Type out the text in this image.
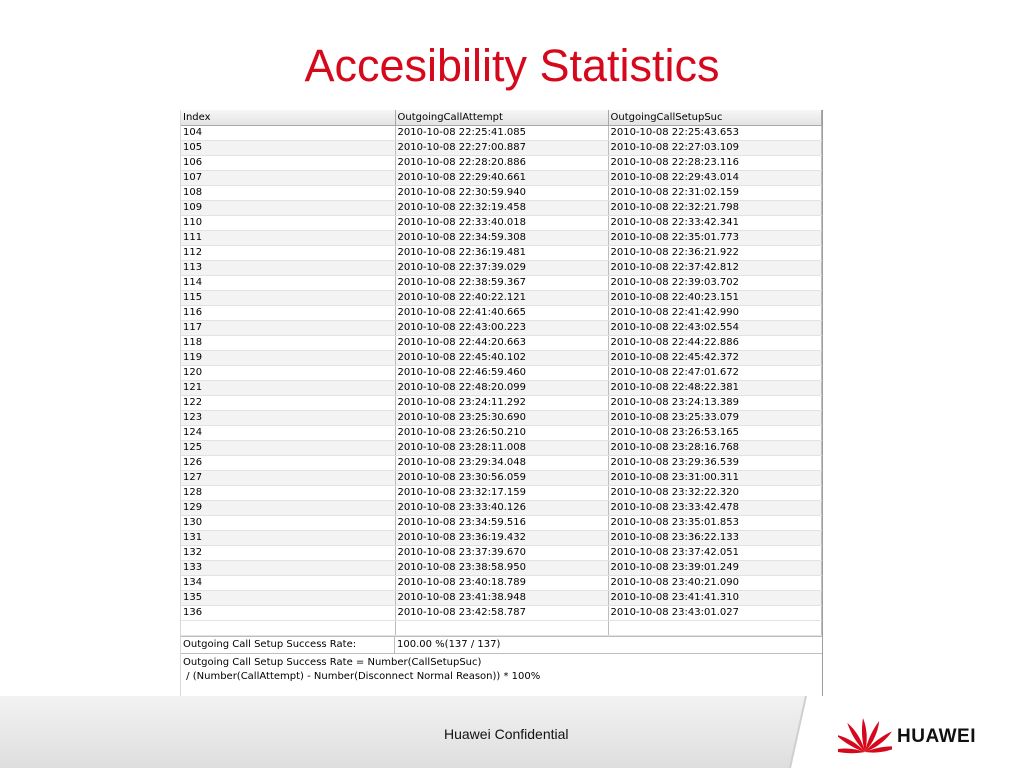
Accesibility Statistics
Index	OutgoingCallAttempt	OutgoingCallSetupSuc
104	2010-10-08 22:25:41.085	2010-10-08 22:25:43.653
105	2010-10-08 22:27:00.887	2010-10-08 22:27:03.109
106	2010-10-08 22:28:20.886	2010-10-08 22:28:23.116
107	2010-10-08 22:29:40.661	2010-10-08 22:29:43.014
108	2010-10-08 22:30:59.940	2010-10-08 22:31:02.159
109	2010-10-08 22:32:19.458	2010-10-08 22:32:21.798
110	2010-10-08 22:33:40.018	2010-10-08 22:33:42.341
111	2010-10-08 22:34:59.308	2010-10-08 22:35:01.773
112	2010-10-08 22:36:19.481	2010-10-08 22:36:21.922
113	2010-10-08 22:37:39.029	2010-10-08 22:37:42.812
114	2010-10-08 22:38:59.367	2010-10-08 22:39:03.702
115	2010-10-08 22:40:22.121	2010-10-08 22:40:23.151
116	2010-10-08 22:41:40.665	2010-10-08 22:41:42.990
117	2010-10-08 22:43:00.223	2010-10-08 22:43:02.554
118	2010-10-08 22:44:20.663	2010-10-08 22:44:22.886
119	2010-10-08 22:45:40.102	2010-10-08 22:45:42.372
120	2010-10-08 22:46:59.460	2010-10-08 22:47:01.672
121	2010-10-08 22:48:20.099	2010-10-08 22:48:22.381
122	2010-10-08 23:24:11.292	2010-10-08 23:24:13.389
123	2010-10-08 23:25:30.690	2010-10-08 23:25:33.079
124	2010-10-08 23:26:50.210	2010-10-08 23:26:53.165
125	2010-10-08 23:28:11.008	2010-10-08 23:28:16.768
126	2010-10-08 23:29:34.048	2010-10-08 23:29:36.539
127	2010-10-08 23:30:56.059	2010-10-08 23:31:00.311
128	2010-10-08 23:32:17.159	2010-10-08 23:32:22.320
129	2010-10-08 23:33:40.126	2010-10-08 23:33:42.478
130	2010-10-08 23:34:59.516	2010-10-08 23:35:01.853
131	2010-10-08 23:36:19.432	2010-10-08 23:36:22.133
132	2010-10-08 23:37:39.670	2010-10-08 23:37:42.051
133	2010-10-08 23:38:58.950	2010-10-08 23:39:01.249
134	2010-10-08 23:40:18.789	2010-10-08 23:40:21.090
135	2010-10-08 23:41:38.948	2010-10-08 23:41:41.310
136	2010-10-08 23:42:58.787	2010-10-08 23:43:01.027

Outgoing Call Setup Success Rate:	100.00 %(137 / 137)
Outgoing Call Setup Success Rate = Number(CallSetupSuc)
/ (Number(CallAttempt) - Number(Disconnect Normal Reason)) * 100%
Huawei Confidential	HUAWEI
